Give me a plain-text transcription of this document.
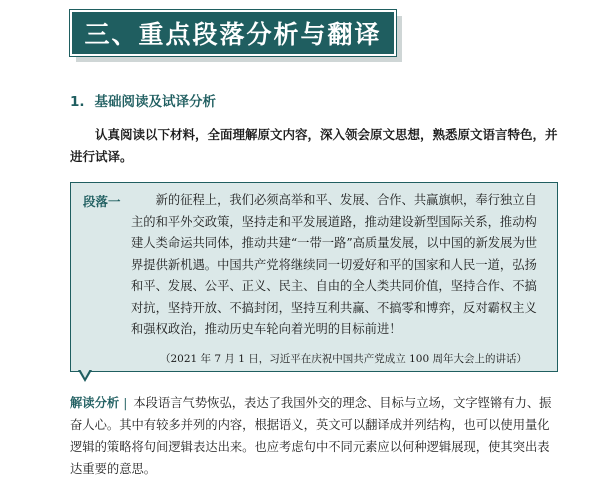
三、重点段落分析与翻译
1. 基础阅读及试译分析

认真阅读以下材料，全面理解原文内容，深入领会原文思想，熟悉原文语言特色，并进行试译。

段落一	新的征程上，我们必须高举和平、发展、合作、共赢旗帜，奉行独立自主的和平外交政策，坚持走和平发展道路，推动建设新型国际关系，推动构建人类命运共同体，推动共建“一带一路”高质量发展，以中国的新发展为世界提供新机遇。中国共产党将继续同一切爱好和平的国家和人民一道，弘扬和平、发展、公平、正义、民主、自由的全人类共同价值，坚持合作、不搞对抗，坚持开放、不搞封闭，坚持互利共赢、不搞零和博弈，反对霸权主义和强权政治，推动历史车轮向着光明的目标前进！

（2021 年 7 月 1 日，习近平在庆祝中国共产党成立 100 周年大会上的讲话）

解读分析 | 本段语言气势恢弘，表达了我国外交的理念、目标与立场，文字铿锵有力、振奋人心。其中有较多并列的内容，根据语义，英文可以翻译成并列结构，也可以使用量化逻辑的策略将句间逻辑表达出来。也应考虑句中不同元素应以何种逻辑展现，使其突出表达重要的意思。
